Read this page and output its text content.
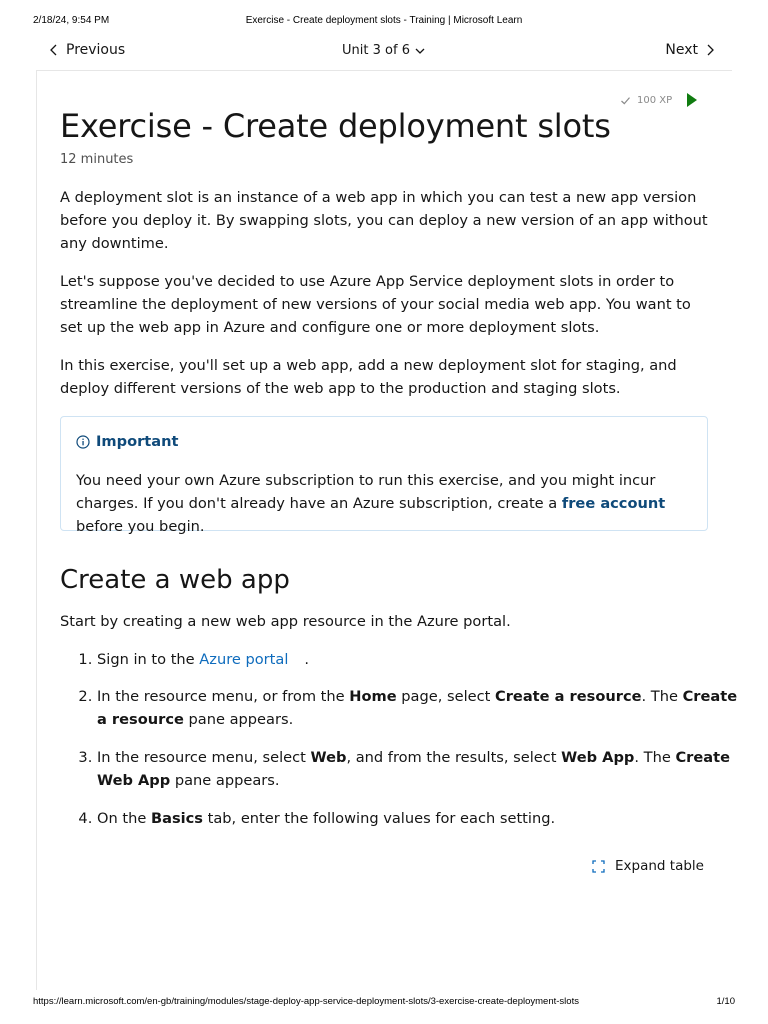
2/18/24, 9:54 PM	Exercise - Create deployment slots - Training | Microsoft Learn
Previous	Unit 3 of 6	Next
100 XP
Exercise - Create deployment slots
12 minutes

A deployment slot is an instance of a web app in which you can test a new app version before you deploy it. By swapping slots, you can deploy a new version of an app without any downtime.

Let's suppose you've decided to use Azure App Service deployment slots in order to streamline the deployment of new versions of your social media web app. You want to set up the web app in Azure and configure one or more deployment slots.

In this exercise, you'll set up a web app, add a new deployment slot for staging, and deploy different versions of the web app to the production and staging slots.

Important
You need your own Azure subscription to run this exercise, and you might incur charges. If you don't already have an Azure subscription, create a free accountbefore you begin.
Create a web app

Start by creating a new web app resource in the Azure portal.

1. Sign in to the Azure portal .
2. In the resource menu, or from the Home page, select Create a resource. The Create a resource pane appears.
3. In the resource menu, select Web, and from the results, select Web App. The Create Web App pane appears.
4. On the Basics tab, enter the following values for each setting.
Expand table
https://learn.microsoft.com/en-gb/training/modules/stage-deploy-app-service-deployment-slots/3-exercise-create-deployment-slots	1/10
